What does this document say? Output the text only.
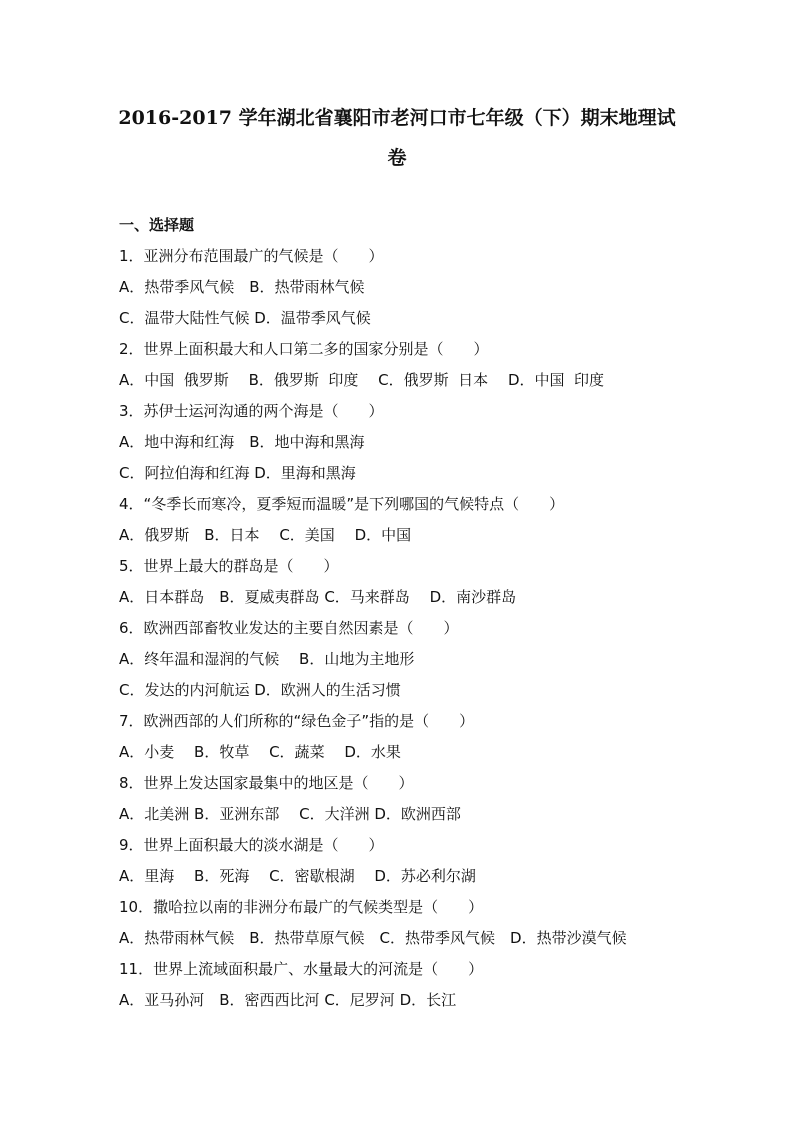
2016-2017 学年湖北省襄阳市老河口市七年级（下）期末地理试
卷
一、选择题
1．亚洲分布范围最广的气候是（　　）
A．热带季风气候　B．热带雨林气候
C．温带大陆性气候 D．温带季风气候
2．世界上面积最大和人口第二多的国家分别是（　　）
A．中国  俄罗斯　 B．俄罗斯  印度　 C．俄罗斯  日本　 D．中国  印度
3．苏伊士运河沟通的两个海是（　　）
A．地中海和红海　B．地中海和黑海
C．阿拉伯海和红海 D．里海和黑海
4．“冬季长而寒冷，夏季短而温暖”是下列哪国的气候特点（　　）
A．俄罗斯　B．日本　 C．美国　 D．中国
5．世界上最大的群岛是（　　）
A．日本群岛　B．夏威夷群岛 C．马来群岛　 D．南沙群岛
6．欧洲西部畜牧业发达的主要自然因素是（　　）
A．终年温和湿润的气候　 B．山地为主地形
C．发达的内河航运 D．欧洲人的生活习惯
7．欧洲西部的人们所称的“绿色金子”指的是（　　）
A．小麦　 B．牧草　 C．蔬菜　 D．水果
8．世界上发达国家最集中的地区是（　　）
A．北美洲 B．亚洲东部　 C．大洋洲 D．欧洲西部
9．世界上面积最大的淡水湖是（　　）
A．里海　 B．死海　 C．密歇根湖　 D．苏必利尔湖
10．撒哈拉以南的非洲分布最广的气候类型是（　　）
A．热带雨林气候　B．热带草原气候　C．热带季风气候　D．热带沙漠气候
11．世界上流域面积最广、水量最大的河流是（　　）
A．亚马孙河　B．密西西比河 C．尼罗河 D．长江
